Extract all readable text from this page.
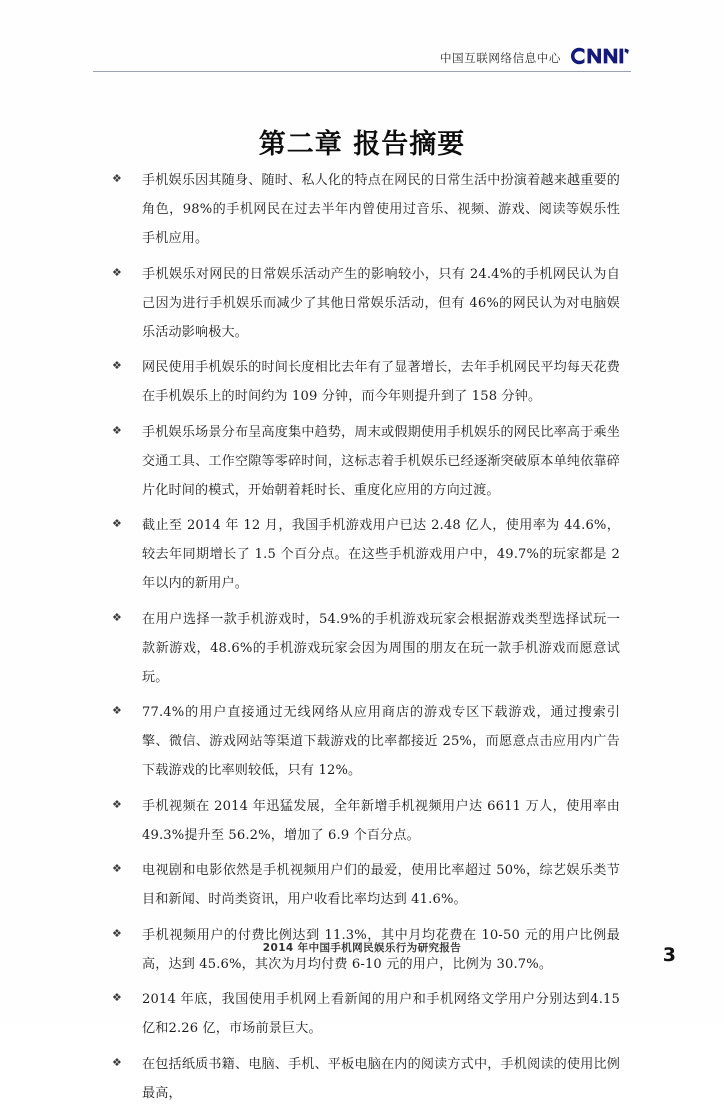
中国互联网络信息中心
第二章 报告摘要
❖	手机娱乐因其随身、随时、私人化的特点在网民的日常生活中扮演着越来越重要的角色，98%的手机网民在过去半年内曾使用过音乐、视频、游戏、阅读等娱乐性手机应用。
❖	手机娱乐对网民的日常娱乐活动产生的影响较小，只有 24.4%的手机网民认为自己因为进行手机娱乐而减少了其他日常娱乐活动，但有 46%的网民认为对电脑娱乐活动影响极大。
❖	网民使用手机娱乐的时间长度相比去年有了显著增长，去年手机网民平均每天花费在手机娱乐上的时间约为 109 分钟，而今年则提升到了 158 分钟。
❖	手机娱乐场景分布呈高度集中趋势，周末或假期使用手机娱乐的网民比率高于乘坐交通工具、工作空隙等零碎时间，这标志着手机娱乐已经逐渐突破原本单纯依靠碎片化时间的模式，开始朝着耗时长、重度化应用的方向过渡。
❖	截止至 2014 年 12 月，我国手机游戏用户已达 2.48 亿人，使用率为 44.6%，较去年同期增长了 1.5 个百分点。在这些手机游戏用户中，49.7%的玩家都是 2 年以内的新用户。
❖	在用户选择一款手机游戏时，54.9%的手机游戏玩家会根据游戏类型选择试玩一款新游戏，48.6%的手机游戏玩家会因为周围的朋友在玩一款手机游戏而愿意试玩。
❖	77.4%的用户直接通过无线网络从应用商店的游戏专区下载游戏，通过搜索引擎、微信、游戏网站等渠道下载游戏的比率都接近 25%，而愿意点击应用内广告下载游戏的比率则较低，只有 12%。
❖	手机视频在 2014 年迅猛发展，全年新增手机视频用户达 6611 万人，使用率由 49.3%提升至 56.2%，增加了 6.9 个百分点。
❖	电视剧和电影依然是手机视频用户们的最爱，使用比率超过 50%，综艺娱乐类节目和新闻、时尚类资讯，用户收看比率均达到 41.6%。
❖	手机视频用户的付费比例达到 11.3%，其中月均花费在 10-50 元的用户比例最高，达到 45.6%，其次为月均付费 6-10 元的用户，比例为 30.7%。
❖	2014 年底，我国使用手机网上看新闻的用户和手机网络文学用户分别达到4.15 亿和2.26 亿，市场前景巨大。
❖	在包括纸质书籍、电脑、手机、平板电脑在内的阅读方式中，手机阅读的使用比例最高，
2014 年中国手机网民娱乐行为研究报告	3
